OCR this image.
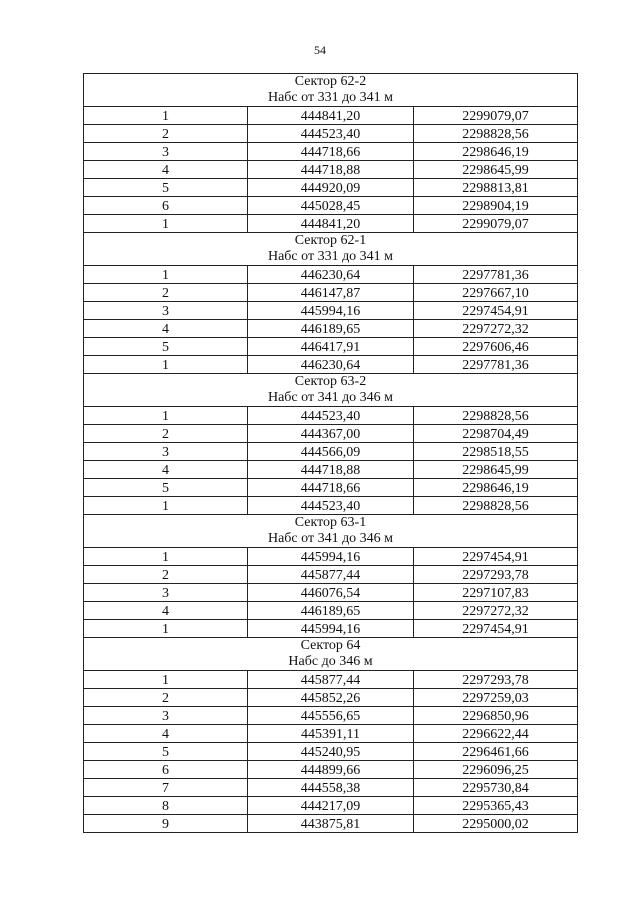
54
Сектор 62-2		
Набс от 331 до 341 м		
1	444841,20	2299079,07
2	444523,40	2298828,56
3	444718,66	2298646,19
4	444718,88	2298645,99
5	444920,09	2298813,81
6	445028,45	2298904,19
1	444841,20	2299079,07
Сектор 62-1		
Набс от 331 до 341 м		
1	446230,64	2297781,36
2	446147,87	2297667,10
3	445994,16	2297454,91
4	446189,65	2297272,32
5	446417,91	2297606,46
1	446230,64	2297781,36
Сектор 63-2		
Набс от 341 до 346 м		
1	444523,40	2298828,56
2	444367,00	2298704,49
3	444566,09	2298518,55
4	444718,88	2298645,99
5	444718,66	2298646,19
1	444523,40	2298828,56
Сектор 63-1		
Набс от 341 до 346 м		
1	445994,16	2297454,91
2	445877,44	2297293,78
3	446076,54	2297107,83
4	446189,65	2297272,32
1	445994,16	2297454,91
Сектор 64		
Набс до 346 м		
1	445877,44	2297293,78
2	445852,26	2297259,03
3	445556,65	2296850,96
4	445391,11	2296622,44
5	445240,95	2296461,66
6	444899,66	2296096,25
7	444558,38	2295730,84
8	444217,09	2295365,43
9	443875,81	2295000,02
